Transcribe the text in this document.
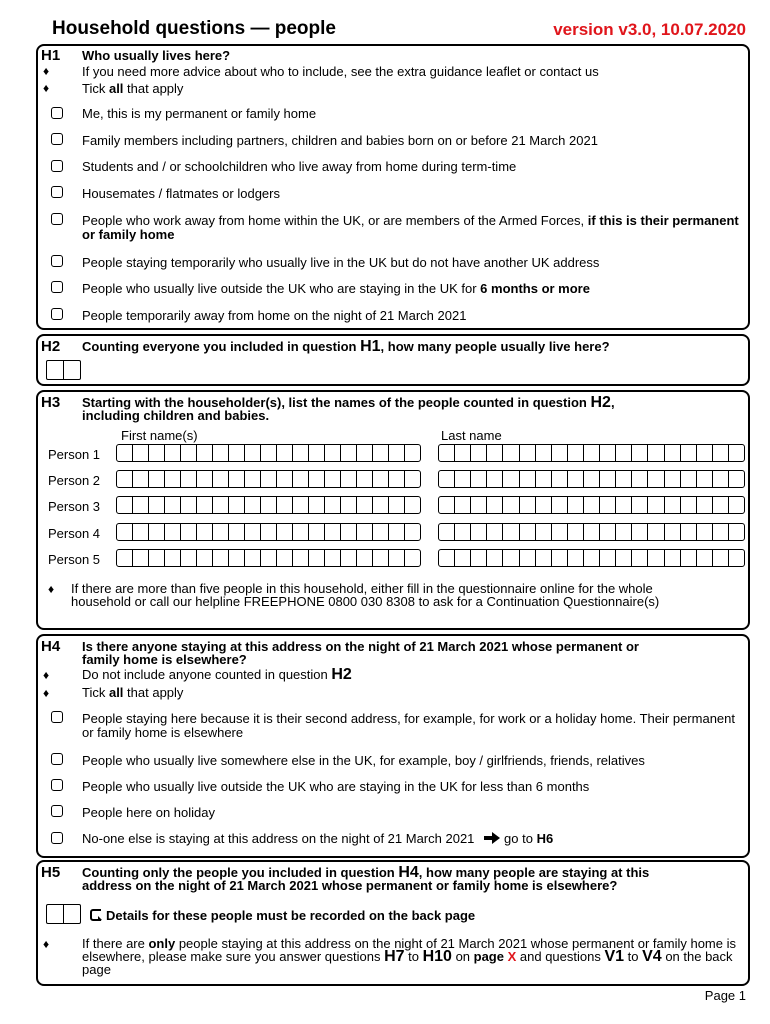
Household questions — people	version v3.0, 10.07.2020
H1 Who usually lives here?
♦	If you need more advice about who to include, see the extra guidance leaflet or contact us
♦	Tick all that apply
Me, this is my permanent or family home
Family members including partners, children and babies born on or before 21 March 2021
Students and / or schoolchildren who live away from home during term-time
Housemates / flatmates or lodgers
People who work away from home within the UK, or are members of the Armed Forces, if this is their permanent or family home
People staying temporarily who usually live in the UK but do not have another UK address
People who usually live outside the UK who are staying in the UK for 6 months or more
People temporarily away from home on the night of 21 March 2021
H2 Counting everyone you included in question H1, how many people usually live here?
H3 Starting with the householder(s), list the names of the people counted in question H2,
including children and babies.
First name(s)	Last name
Person 1
Person 2
Person 3
Person 4
Person 5
♦ If there are more than five people in this household, either fill in the questionnaire online for the whole
household or call our helpline FREEPHONE 0800 030 8308 to ask for a Continuation Questionnaire(s)
H4 Is there anyone staying at this address on the night of 21 March 2021 whose permanent or
family home is elsewhere?
♦	Do not include anyone counted in question H2
♦	Tick all that apply
People staying here because it is their second address, for example, for work or a holiday home. Their permanent or family home is elsewhere
People who usually live somewhere else in the UK, for example, boy / girlfriends, friends, relatives
People who usually live outside the UK who are staying in the UK for less than 6 months
People here on holiday
No-one else is staying at this address on the night of 21 March 2021 go to H6
H5 Counting only the people you included in question H4, how many people are staying at this
address on the night of 21 March 2021 whose permanent or family home is elsewhere?
Details for these people must be recorded on the back page
♦	If there are only people staying at this address on the night of 21 March 2021 whose permanent or family home is elsewhere, please make sure you answer questions H7 to H10 on page X and questions V1 to V4 on the back page
Page 1
